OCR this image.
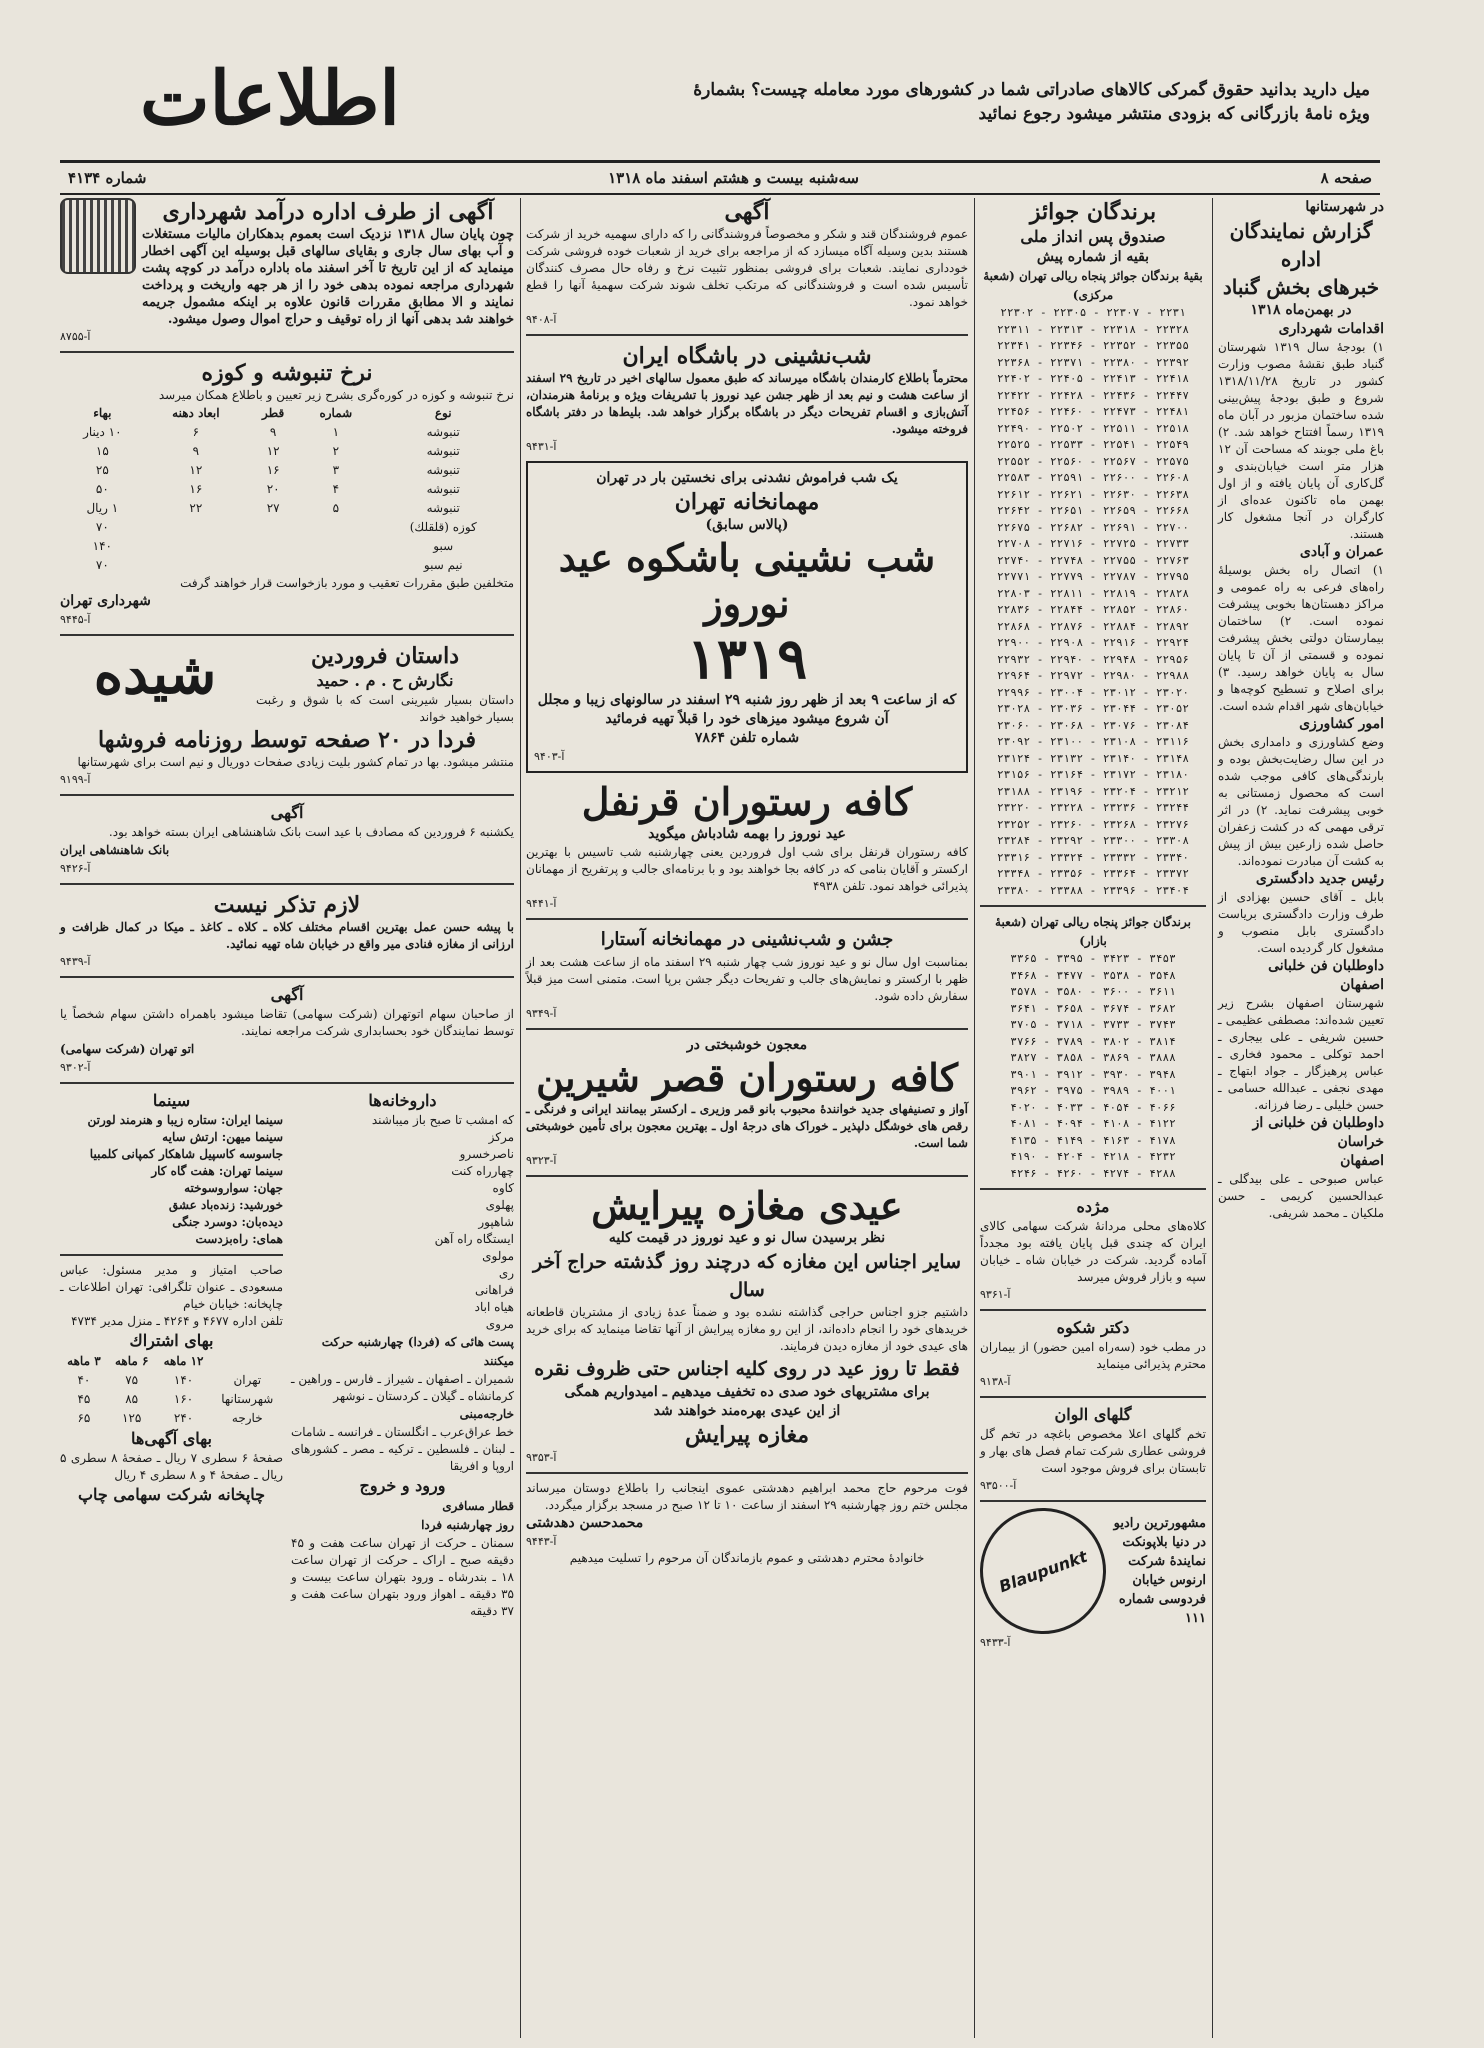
میل دارید بدانید حقوق گمرکی کالاهای صادراتی شما در کشورهای مورد معامله چیست؟ بشمارهٔ ویژه نامهٔ بازرگانی که بزودی منتشر میشود رجوع نمائید
اطلاعات
صفحه ۸
سه‌شنبه بیست و هشتم اسفند ماه ۱۳۱۸
شماره ۴۱۳۴
در شهرستانها
گزارش نمایندگان اداره
خبرهای بخش گنباد
در بهمن‌ماه ۱۳۱۸
اقدامات شهرداری
۱) بودجهٔ سال ۱۳۱۹ شهرستان گنباد طبق نقشهٔ مصوب وزارت کشور در تاریخ ۱۳۱۸/۱۱/۲۸ شروع و طبق بودجهٔ پیش‌بینی شده ساختمان مزبور در آبان ماه ۱۳۱۹ رسماً افتتاح خواهد شد. ۲) باغ ملی جوبند که مساحت آن ۱۲ هزار متر است خیابان‌بندی و گل‌کاری آن پایان یافته و از اول بهمن ماه تاکنون عده‌ای از کارگران در آنجا مشغول کار هستند.
عمران و آبادی
۱) اتصال راه بخش بوسیلهٔ راه‌های فرعی به راه عمومی و مراکز دهستان‌ها بخوبی پیشرفت نموده است. ۲) ساختمان بیمارستان دولتی بخش پیشرفت نموده و قسمتی از آن تا پایان سال به پایان خواهد رسید. ۳) برای اصلاح و تسطیح کوچه‌ها و خیابان‌های شهر اقدام شده است.
امور کشاورزی
وضع کشاورزی و دامداری بخش در این سال رضایت‌بخش بوده و بارندگی‌های کافی موجب شده است که محصول زمستانی به خوبی پیشرفت نماید. ۲) در اثر ترقی مهمی که در کشت زعفران حاصل شده زارعین بیش از پیش به کشت آن مبادرت نموده‌اند.
رئیس جدید دادگستری
بابل ـ آقای حسین بهزادی از طرف وزارت دادگستری بریاست دادگستری بابل منصوب و مشغول کار گردیده است.
داوطلبان فن خلبانی
اصفهان
شهرستان اصفهان بشرح زیر تعیین شده‌اند: مصطفی عظیمی ـ حسین شریفی ـ علی بیجاری ـ احمد توکلی ـ محمود فخاری ـ عباس پرهیزگار ـ جواد ابتهاج ـ مهدی نجفی ـ عبدالله حسامی ـ حسن خلیلی ـ رضا فرزانه.
داوطلبان فن خلبانی از خراسان
اصفهان
عباس صبوحی ـ علی بیدگلی ـ عبدالحسین کریمی ـ حسن ملکیان ـ محمد شریفی.
برندگان جوائز
صندوق پس انداز ملی
بقیه از شماره پیش
بقیهٔ برندگان جوائز پنجاه ریالی تهران (شعبهٔ مرکزی)
۲۲۳۰۲ - ۲۲۳۰۵ - ۲۲۳۰۷ - ۲۲۳۱
۲۲۳۱۱ - ۲۲۳۱۳ - ۲۲۳۱۸ - ۲۲۳۲۸
۲۲۳۴۱ - ۲۲۳۴۶ - ۲۲۳۵۲ - ۲۲۳۵۵
۲۲۳۶۸ - ۲۲۳۷۱ - ۲۲۳۸۰ - ۲۲۳۹۲
۲۲۴۰۲ - ۲۲۴۰۵ - ۲۲۴۱۳ - ۲۲۴۱۸
۲۲۴۲۲ - ۲۲۴۲۸ - ۲۲۴۳۶ - ۲۲۴۴۷
۲۲۴۵۶ - ۲۲۴۶۰ - ۲۲۴۷۳ - ۲۲۴۸۱
۲۲۴۹۰ - ۲۲۵۰۲ - ۲۲۵۱۱ - ۲۲۵۱۸
۲۲۵۲۵ - ۲۲۵۳۳ - ۲۲۵۴۱ - ۲۲۵۴۹
۲۲۵۵۲ - ۲۲۵۶۰ - ۲۲۵۶۷ - ۲۲۵۷۵
۲۲۵۸۳ - ۲۲۵۹۱ - ۲۲۶۰۰ - ۲۲۶۰۸
۲۲۶۱۲ - ۲۲۶۲۱ - ۲۲۶۳۰ - ۲۲۶۳۸
۲۲۶۴۲ - ۲۲۶۵۱ - ۲۲۶۵۹ - ۲۲۶۶۸
۲۲۶۷۵ - ۲۲۶۸۲ - ۲۲۶۹۱ - ۲۲۷۰۰
۲۲۷۰۸ - ۲۲۷۱۶ - ۲۲۷۲۵ - ۲۲۷۳۳
۲۲۷۴۰ - ۲۲۷۴۸ - ۲۲۷۵۵ - ۲۲۷۶۳
۲۲۷۷۱ - ۲۲۷۷۹ - ۲۲۷۸۷ - ۲۲۷۹۵
۲۲۸۰۳ - ۲۲۸۱۱ - ۲۲۸۱۹ - ۲۲۸۲۸
۲۲۸۳۶ - ۲۲۸۴۴ - ۲۲۸۵۲ - ۲۲۸۶۰
۲۲۸۶۸ - ۲۲۸۷۶ - ۲۲۸۸۴ - ۲۲۸۹۲
۲۲۹۰۰ - ۲۲۹۰۸ - ۲۲۹۱۶ - ۲۲۹۲۴
۲۲۹۳۲ - ۲۲۹۴۰ - ۲۲۹۴۸ - ۲۲۹۵۶
۲۲۹۶۴ - ۲۲۹۷۲ - ۲۲۹۸۰ - ۲۲۹۸۸
۲۲۹۹۶ - ۲۳۰۰۴ - ۲۳۰۱۲ - ۲۳۰۲۰
۲۳۰۲۸ - ۲۳۰۳۶ - ۲۳۰۴۴ - ۲۳۰۵۲
۲۳۰۶۰ - ۲۳۰۶۸ - ۲۳۰۷۶ - ۲۳۰۸۴
۲۳۰۹۲ - ۲۳۱۰۰ - ۲۳۱۰۸ - ۲۳۱۱۶
۲۳۱۲۴ - ۲۳۱۳۲ - ۲۳۱۴۰ - ۲۳۱۴۸
۲۳۱۵۶ - ۲۳۱۶۴ - ۲۳۱۷۲ - ۲۳۱۸۰
۲۳۱۸۸ - ۲۳۱۹۶ - ۲۳۲۰۴ - ۲۳۲۱۲
۲۳۲۲۰ - ۲۳۲۲۸ - ۲۳۲۳۶ - ۲۳۲۴۴
۲۳۲۵۲ - ۲۳۲۶۰ - ۲۳۲۶۸ - ۲۳۲۷۶
۲۳۲۸۴ - ۲۳۲۹۲ - ۲۳۳۰۰ - ۲۳۳۰۸
۲۳۳۱۶ - ۲۳۳۲۴ - ۲۳۳۳۲ - ۲۳۳۴۰
۲۳۳۴۸ - ۲۳۳۵۶ - ۲۳۳۶۴ - ۲۳۳۷۲
۲۳۳۸۰ - ۲۳۳۸۸ - ۲۳۳۹۶ - ۲۳۴۰۴
برندگان جوائز پنجاه ریالی تهران (شعبهٔ بازار)
۳۳۶۵ - ۳۳۹۵ - ۳۴۲۳ - ۳۴۵۳
۳۴۶۸ - ۳۴۷۷ - ۳۵۳۸ - ۳۵۴۸
۳۵۷۸ - ۳۵۸۰ - ۳۶۰۰ - ۳۶۱۱
۳۶۴۱ - ۳۶۵۸ - ۳۶۷۴ - ۳۶۸۲
۳۷۰۵ - ۳۷۱۸ - ۳۷۳۳ - ۳۷۴۳
۳۷۶۶ - ۳۷۸۹ - ۳۸۰۲ - ۳۸۱۴
۳۸۲۷ - ۳۸۵۸ - ۳۸۶۹ - ۳۸۸۸
۳۹۰۱ - ۳۹۱۲ - ۳۹۳۰ - ۳۹۴۸
۳۹۶۲ - ۳۹۷۵ - ۳۹۸۹ - ۴۰۰۱
۴۰۲۰ - ۴۰۳۳ - ۴۰۵۴ - ۴۰۶۶
۴۰۸۱ - ۴۰۹۴ - ۴۱۰۸ - ۴۱۲۲
۴۱۳۵ - ۴۱۴۹ - ۴۱۶۳ - ۴۱۷۸
۴۱۹۰ - ۴۲۰۴ - ۴۲۱۸ - ۴۲۳۲
۴۲۴۶ - ۴۲۶۰ - ۴۲۷۴ - ۴۲۸۸
مژده
کلاه‌های محلی مردانهٔ شرکت سهامی کالای ایران که چندی قبل پایان یافته بود مجدداً آماده گردید. شرکت در خیابان شاه ـ خیابان سپه و بازار فروش میرسد
آ-۹۳۶۱
دکتر شکوه
در مطب خود (سه‌راه امین حضور) از بیماران محترم پذیرائی مینماید
آ-۹۱۳۸
گلهای الوان
تخم گلهای اعلا مخصوص باغچه در تخم گل فروشی عطاری شرکت تمام فصل های بهار و تابستان برای فروش موجود است
آ-۹۳۵۰۰
مشهورترین رادیو در دنیا بلاپونکت نمایندهٔ شرکت ارنوس خیابان فردوسی شماره ۱۱۱
Blaupunkt
آ-۹۴۳۳
آگهی
عموم فروشندگان قند و شکر و مخصوصاً فروشندگانی را که دارای سهمیه خرید از شرکت هستند بدین وسیله آگاه میسازد که از مراجعه برای خرید از شعبات خوده فروشی شرکت خودداری نمایند. شعبات برای فروشی بمنظور تثبیت نرخ و رفاه حال مصرف کنندگان تأسیس شده است و فروشندگانی که مرتکب تخلف شوند شرکت سهمیهٔ آنها را قطع خواهد نمود.
آ-۹۴۰۸
شب‌نشینی در باشگاه ایران
محترماً باطلاع کارمندان باشگاه میرساند که طبق معمول سالهای اخیر در تاریخ ۲۹ اسفند از ساعت هشت و نیم بعد از ظهر جشن عید نوروز با تشریفات ویژه و برنامهٔ هنرمندان، آتش‌بازی و اقسام تفریحات دیگر در باشگاه برگزار خواهد شد. بلیط‌ها در دفتر باشگاه فروخته میشود.
آ-۹۴۳۱
یک شب فراموش نشدنی برای نخستین بار در تهران
مهمانخانه تهران
(پالاس سابق)
شب نشینی باشکوه عید نوروز
۱۳۱۹
که از ساعت ۹ بعد از ظهر روز شنبه ۲۹ اسفند در سالونهای زیبا و مجلل آن شروع میشود میزهای خود را قبلاً تهیه فرمائید
شماره تلفن ۷۸۶۴
آ-۹۴۰۳
کافه رستوران قرنفل
عید نوروز را بهمه شادباش میگوید
کافه رستوران قرنفل برای شب اول فروردین یعنی چهارشنبه شب تاسیس با بهترین ارکستر و آقایان بنامی که در کافه بجا خواهند بود و با برنامه‌ای جالب و پرتفریح از مهمانان پذیرائی خواهد نمود. تلفن ۴۹۳۸
آ-۹۴۴۱
جشن و شب‌نشینی در مهمانخانه آستارا
بمناسبت اول سال نو و عید نوروز شب چهار شنبه ۲۹ اسفند ماه از ساعت هشت بعد از ظهر با ارکستر و نمایش‌های جالب و تفریحات دیگر جشن برپا است. متمنی است میز قبلاً سفارش داده شود.
آ-۹۳۴۹
معجون خوشبختی در
کافه رستوران قصر شیرین
آواز و تصنیفهای جدید خوانندهٔ محبوب بانو قمر وزیری ـ ارکستر بیمانند ایرانی و فرنگی ـ رقص های خوشگل دلپذیر ـ خوراک های درجهٔ اول ـ بهترین معجون برای تأمین خوشبختی شما است.
آ-۹۳۲۳
عیدی مغازه پیرایش
نظر برسیدن سال نو و عید نوروز در قیمت کلیه
سایر اجناس این مغازه که درچند روز گذشته حراج آخر سال
داشتیم جزو اجناس حراجی گذاشته نشده بود و ضمناً عدهٔ زیادی از مشتریان قاطعانه خریدهای خود را انجام داده‌اند، از این رو مغازه پیرایش از آنها تقاضا مینماید که برای خرید های عیدی خود از مغازه دیدن فرمایند.
فقط تا روز عید در روی کلیه اجناس حتی ظروف نقره
برای مشتریهای خود صدی ده تخفیف میدهیم ـ امیدواریم همگی
از این عیدی بهره‌مند خواهند شد
مغازه پیرایش
آ-۹۳۵۳
فوت مرحوم حاج محمد ابراهیم دهدشتی عموی اینجانب را باطلاع دوستان میرساند مجلس ختم روز چهارشنبه ۲۹ اسفند از ساعت ۱۰ تا ۱۲ صبح در مسجد برگزار میگردد.
محمدحسن دهدشتی
آ-۹۴۴۳
خانوادهٔ محترم دهدشتی و عموم بازماندگان آن مرحوم را تسلیت میدهیم
آگهی از طرف اداره درآمد شهرداری
چون پایان سال ۱۳۱۸ نزدیک است بعموم بدهکاران مالیات مستغلات و آب بهای سال جاری و بقایای سالهای قبل بوسیله این آگهی اخطار مینماید که از این تاریخ تا آخر اسفند ماه باداره درآمد در کوچه پشت شهرداری مراجعه نموده بدهی خود را از هر جهه واریخت و پرداخت نمایند و الا مطابق مقررات قانون علاوه بر اینکه مشمول جریمه خواهند شد بدهی آنها از راه توقیف و حراج اموال وصول میشود.
آ-۸۷۵۵
نرخ تنبوشه و کوزه
نرخ تنبوشه و کوزه در کوره‌گری بشرح زیر تعیین و باطلاع همکان میرسد
نوع	شماره	قطر	ابعاد دهنه	بهاء
تنبوشه	۱	۹	۶	۱۰ دینار
تنبوشه	۲	۱۲	۹	۱۵
تنبوشه	۳	۱۶	۱۲	۲۵
تنبوشه	۴	۲۰	۱۶	۵۰
تنبوشه	۵	۲۷	۲۲	۱ ریال
کوزه (قلقلك)				۷۰
سبو				۱۴۰
نیم سبو				۷۰
متخلفین طبق مقررات تعقیب و مورد بازخواست قرار خواهند گرفت
شهرداری تهران
آ-۹۴۴۵
داستان فروردین
نگارش ح . م . حمید
داستان بسیار شیرینی است که با شوق و رغبت بسیار خواهید خواند
شیده
فردا در ۲۰ صفحه توسط روزنامه فروشها
منتشر میشود. بها در تمام کشور بلیت زیادی صفحات دوریال و نیم است برای شهرستانها
آ-۹۱۹۹
آگهی
یکشنبه ۶ فروردین که مصادف با عید است بانک شاهنشاهی ایران بسته خواهد بود.
بانک شاهنشاهی ایران
آ-۹۴۲۶
لازم تذکر نیست
با پیشه حسن عمل بهترین اقسام مختلف کلاه ـ کلاه ـ کاغذ ـ میکا در کمال ظرافت و ارزانی از مغازه فنادی میر واقع در خیابان شاه تهیه نمائید.
آ-۹۴۳۹
آگهی
از صاحبان سهام اتوتهران (شرکت سهامی) تقاضا میشود باهمراه داشتن سهام شخصاً یا توسط نمایندگان خود بحسابداری شرکت مراجعه نمایند.
اتو تهران (شرکت سهامی)
آ-۹۳۰۲
داروخانه‌ها
که امشب تا صبح باز میباشند
مرکز
ناصرخسرو
چهارراه کنت
کاوه
پهلوی
شاهپور
ایستگاه راه آهن
مولوی
ری
فراهانی
هیاه اباد
مروی
پست هائی که (فردا) چهارشنبه حرکت میکنند
شمیران ـ اصفهان ـ شیراز ـ فارس ـ وراهین ـ کرمانشاه ـ گیلان ـ کردستان ـ نوشهر
خارجه‌مبنی
خط عراق‌عرب ـ انگلستان ـ فرانسه ـ شامات ـ لبنان ـ فلسطین ـ ترکیه ـ مصر ـ کشورهای اروپا و افریقا
ورود و خروج
قطار مسافری
روز چهارشنبه فردا
سمنان ـ حرکت از تهران ساعت هفت و ۴۵ دقیقه صبح ـ اراک ـ حرکت از تهران ساعت ۱۸ ـ بندرشاه ـ ورود بتهران ساعت بیست و ۳۵ دقیقه ـ اهواز ورود بتهران ساعت هفت و ۳۷ دقیقه
سینما
سینما ایران: ستاره زیبا و هنرمند لورتن
سینما میهن: ارتش سایه
جاسوسه کاسپیل شاهکار کمپانی کلمبیا
سینما تهران: هفت گاه کار
جهان: سواروسوخته
خورشید: زنده‌باد عشق
دیده‌بان: دوسرد جنگی
همای: راه‌بزدست
صاحب امتیاز و مدیر مسئول: عباس مسعودی ـ عنوان تلگرافی: تهران اطلاعات ـ چاپخانه: خیابان خیام
تلفن اداره ۴۶۷۷ و ۴۲۶۴ ـ منزل مدیر ۴۷۳۴
بهای اشتراك
	۱۲ ماهه	۶ ماهه	۳ ماهه
تهران	۱۴۰	۷۵	۴۰
شهرستانها	۱۶۰	۸۵	۴۵
خارجه	۲۴۰	۱۲۵	۶۵
بهای آگهی‌ها
صفحهٔ ۶ سطری ۷ ریال ـ صفحهٔ ۸ سطری ۵ ریال ـ صفحهٔ ۴ و ۸ سطری ۴ ریال
چاپخانه شرکت سهامی چاپ
